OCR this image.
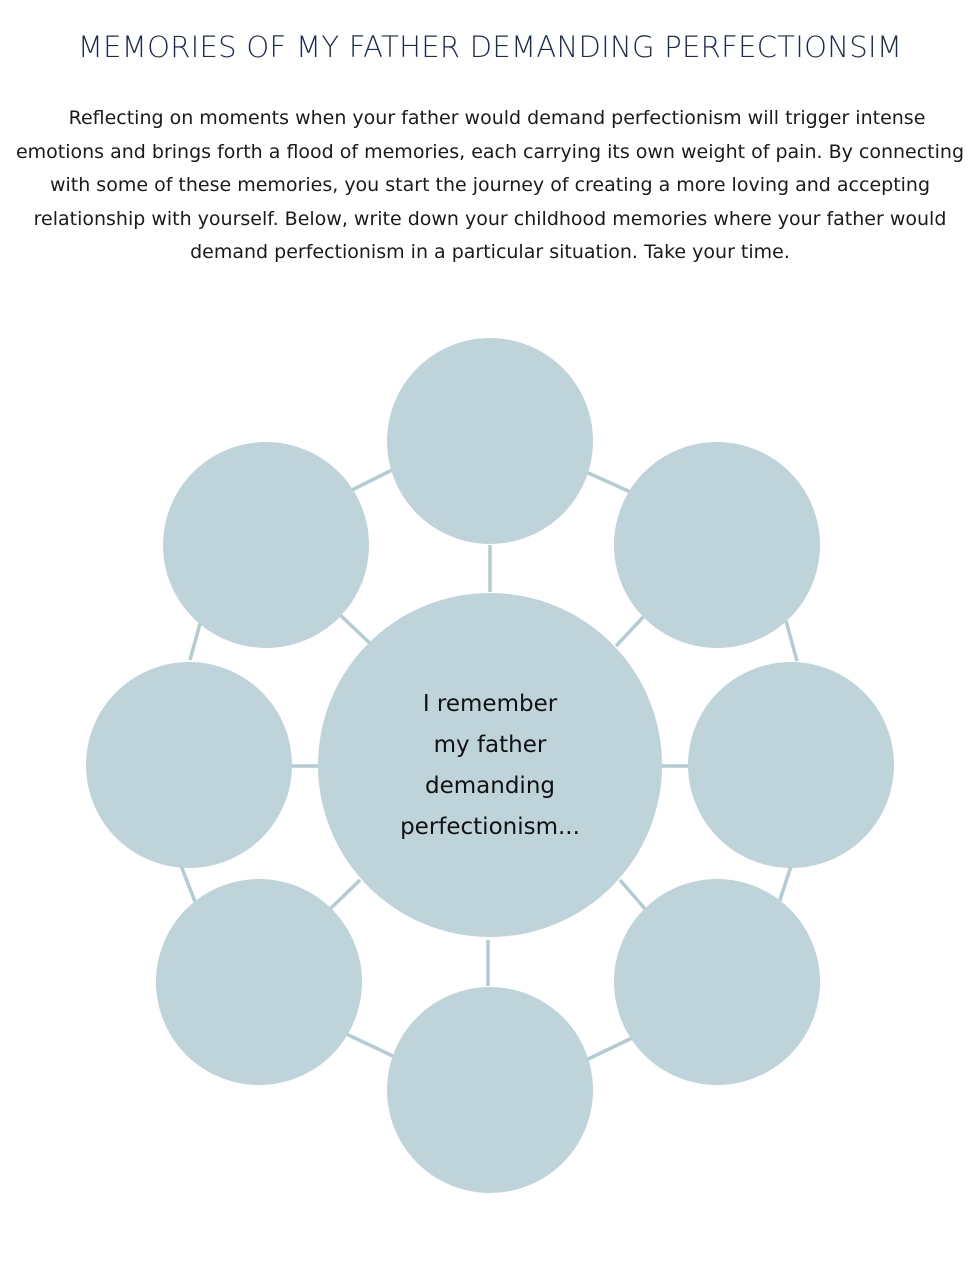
MEMORIES OF MY FATHER DEMANDING PERFECTIONSIM
Reflecting on moments when your father would demand perfectionism will trigger intense emotions and brings forth a flood of memories, each carrying its own weight of pain. By connecting with some of these memories, you start the journey of creating a more loving and accepting relationship with yourself. Below, write down your childhood memories where your father would demand perfectionism in a particular situation. Take your time.
I remember
my father
demanding
perfectionism...
